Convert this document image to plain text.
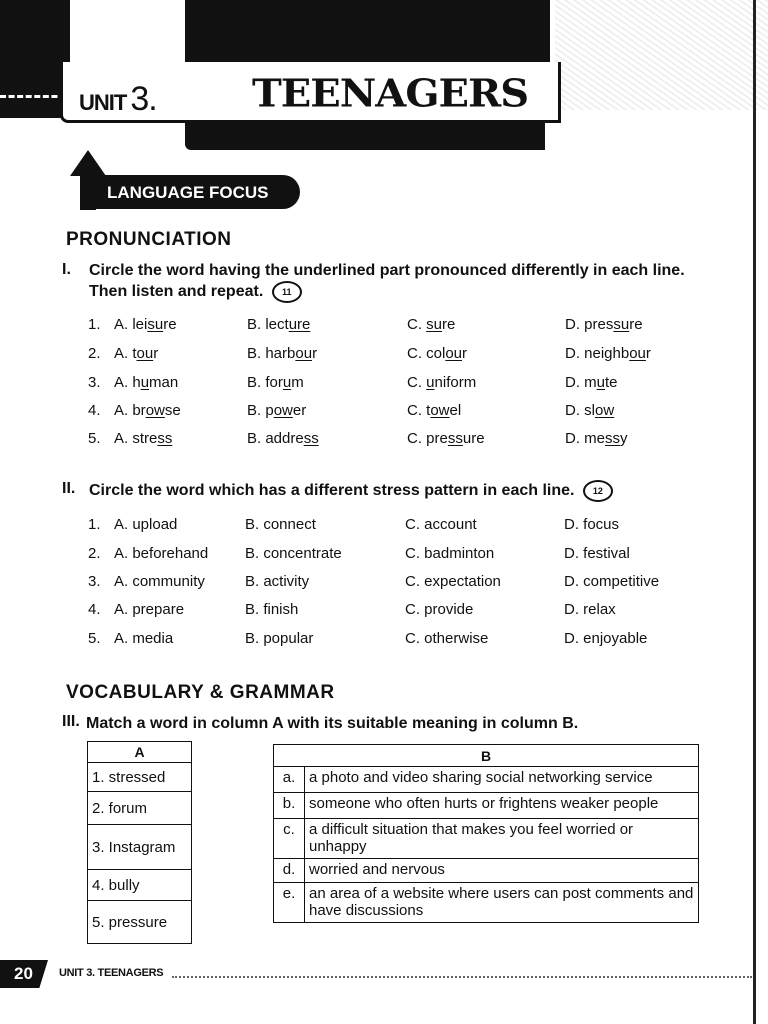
UNIT 3. TEENAGERS
LANGUAGE FOCUS
PRONUNCIATION
I. Circle the word having the underlined part pronounced differently in each line. Then listen and repeat. 11
1. A. leisure	B. lecture	C. sure	D. pressure
2. A. tour	B. harbour	C. colour	D. neighbour
3. A. human	B. forum	C. uniform	D. mute
4. A. browse	B. power	C. towel	D. slow
5. A. stress	B. address	C. pressure	D. messy
II. Circle the word which has a different stress pattern in each line. 12
1. A. upload	B. connect	C. account	D. focus
2. A. beforehand B. concentrate	C. badminton	D. festival
3. A. community	B. activity	C. expectation	D. competitive
4. A. prepare	B. finish	C. provide	D. relax
5. A. media	B. popular	C. otherwise	D. enjoyable
VOCABULARY & GRAMMAR
III. Match a word in column A with its suitable meaning in column B.
A
1. stressed
2. forum
3. Instagram
4. bully
5. pressure
B	
a.	a photo and video sharing social networking service
b.	someone who often hurts or frightens weaker people
c.	a difficult situation that makes you feel worried or unhappy
d.	worried and nervous
e.	an area of a website where users can post comments and have discussions
20 UNIT 3. TEENAGERS
